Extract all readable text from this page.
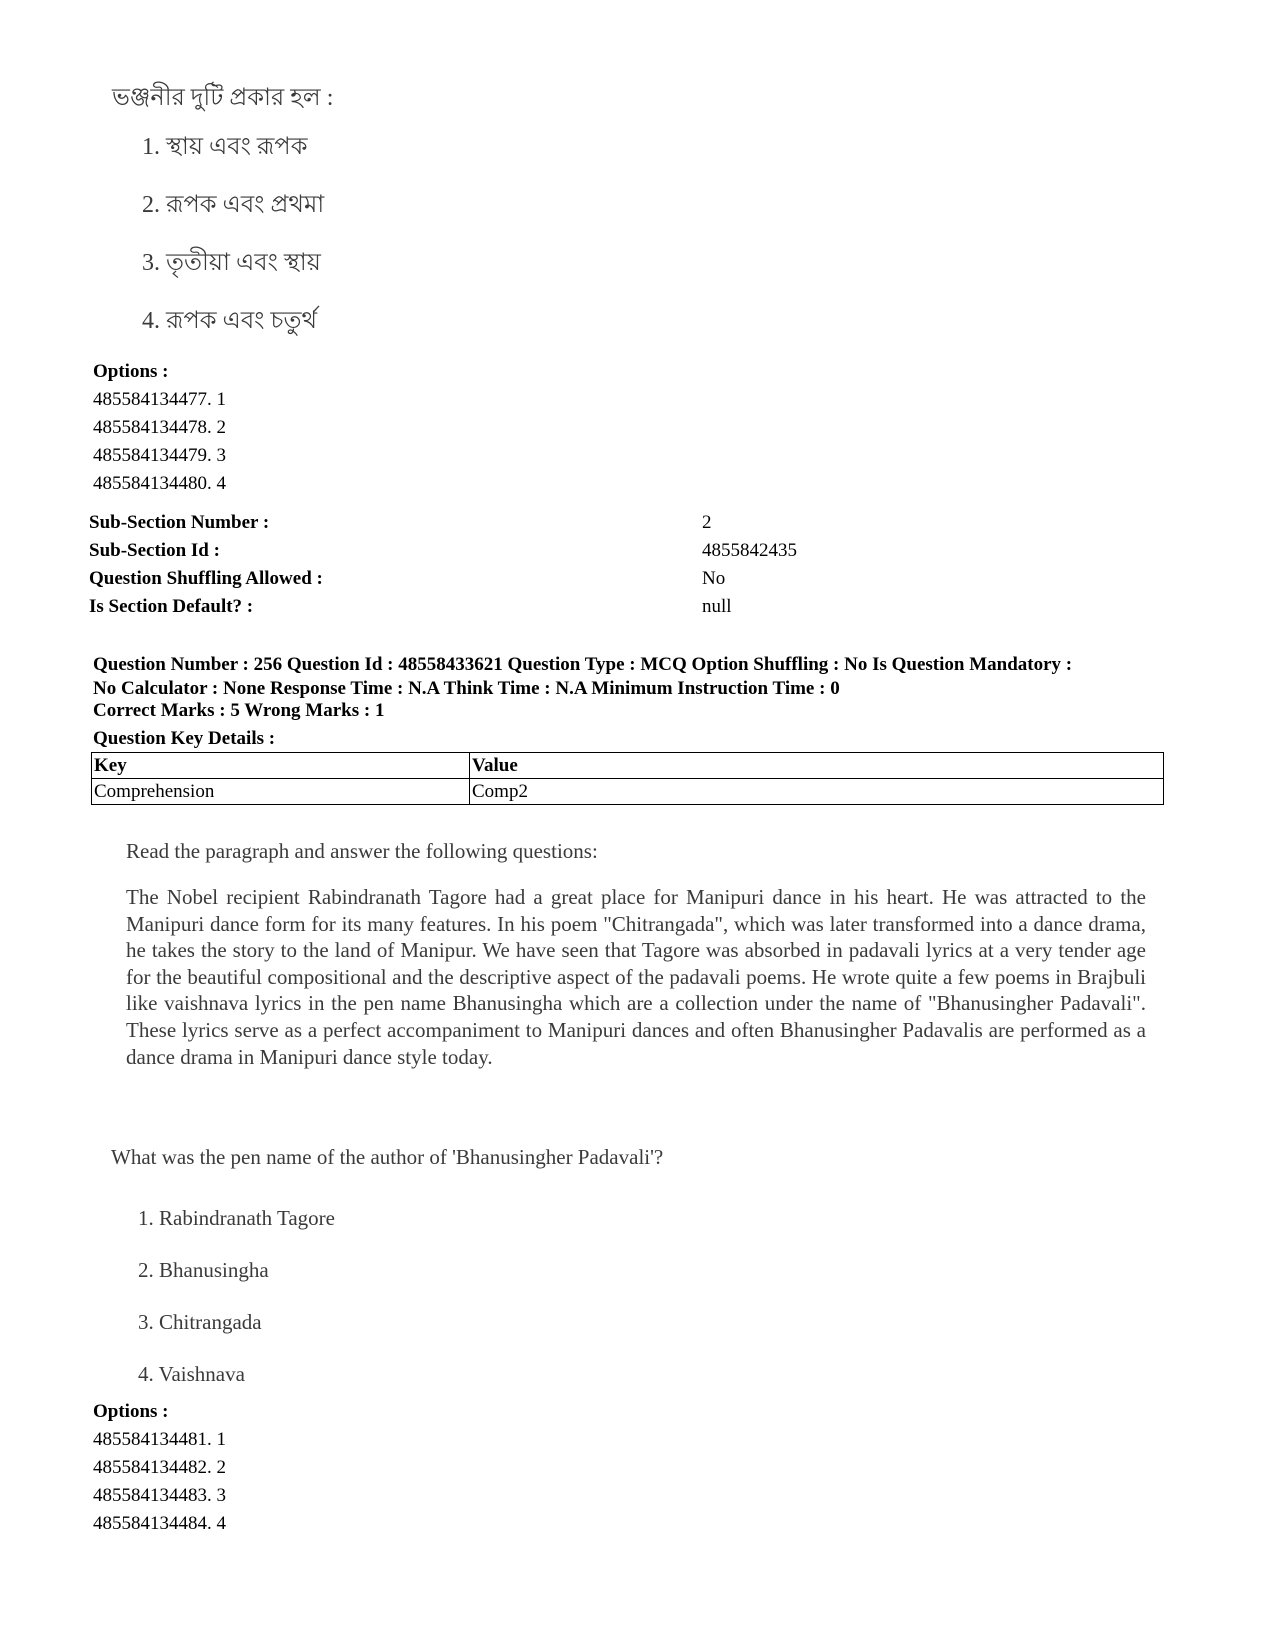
ভঞ্জনীর দুটি প্রকার হল :

1. স্থায় এবং রূপক

2. রূপক এবং প্রথমা

3. তৃতীয়া এবং স্থায়

4. রূপক এবং চতুর্থ

Options :
485584134477. 1
485584134478. 2
485584134479. 3
485584134480. 4
Sub-Section Number :	2
Sub-Section Id :	4855842435
Question Shuffling Allowed :	No
Is Section Default? :	null
Question Number : 256 Question Id : 48558433621 Question Type : MCQ Option Shuffling : No Is Question Mandatory :
No Calculator : None Response Time : N.A Think Time : N.A Minimum Instruction Time : 0
Correct Marks : 5 Wrong Marks : 1
Question Key Details :
Key	Value
Comprehension	Comp2

Read the paragraph and answer the following questions:

The Nobel recipient Rabindranath Tagore had a great place for Manipuri dance in his heart. He was attracted to the Manipuri dance form for its many features. In his poem "Chitrangada", which was later transformed into a dance drama, he takes the story to the land of Manipur. We have seen that Tagore was absorbed in padavali lyrics at a very tender age for the beautiful compositional and the descriptive aspect of the padavali poems. He wrote quite a few poems in Brajbuli like vaishnava lyrics in the pen name Bhanusingha which are a collection under the name of "Bhanusingher Padavali". These lyrics serve as a perfect accompaniment to Manipuri dances and often Bhanusingher Padavalis are performed as a dance drama in Manipuri dance style today.

What was the pen name of the author of 'Bhanusingher Padavali'?

1. Rabindranath Tagore

2. Bhanusingha

3. Chitrangada

4. Vaishnava

Options :
485584134481. 1
485584134482. 2
485584134483. 3
485584134484. 4
